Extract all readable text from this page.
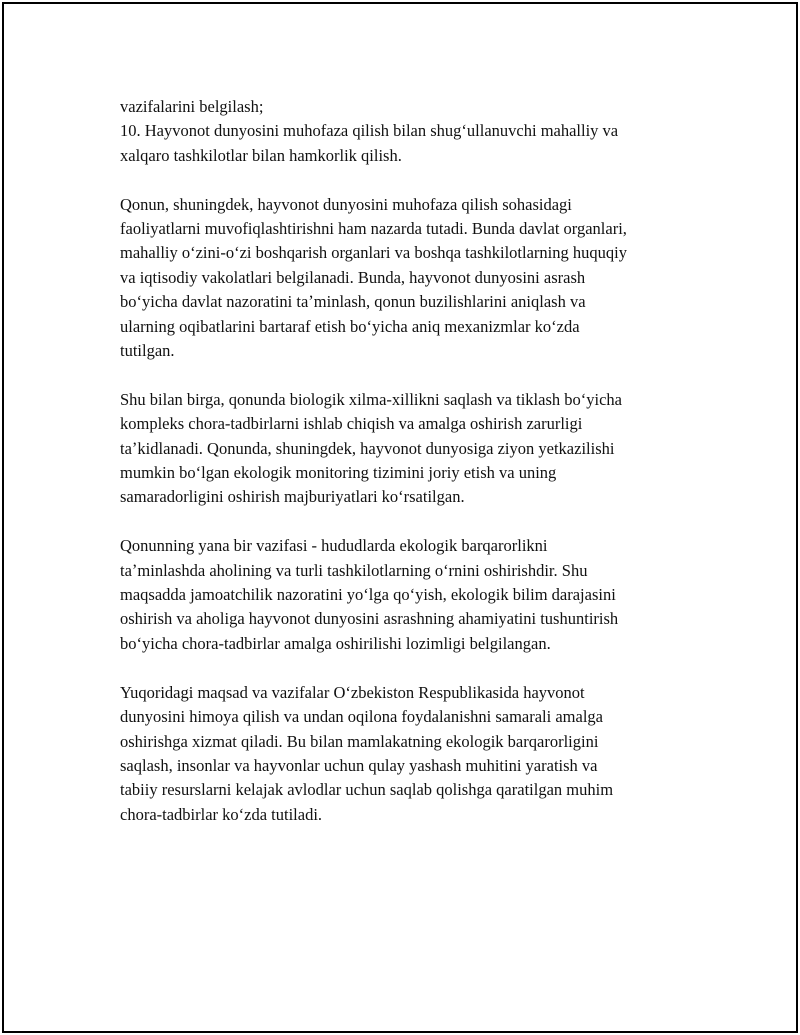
vazifalarini belgilash;
10. Hayvonot dunyosini muhofaza qilish bilan shugʻullanuvchi mahalliy va
xalqaro tashkilotlar bilan hamkorlik qilish.

Qonun, shuningdek, hayvonot dunyosini muhofaza qilish sohasidagi
faoliyatlarni muvofiqlashtirishni ham nazarda tutadi. Bunda davlat organlari,
mahalliy oʻzini-oʻzi boshqarish organlari va boshqa tashkilotlarning huquqiy
va iqtisodiy vakolatlari belgilanadi. Bunda, hayvonot dunyosini asrash
boʻyicha davlat nazoratini taʼminlash, qonun buzilishlarini aniqlash va
ularning oqibatlarini bartaraf etish boʻyicha aniq mexanizmlar koʻzda
tutilgan.

Shu bilan birga, qonunda biologik xilma-xillikni saqlash va tiklash boʻyicha
kompleks chora-tadbirlarni ishlab chiqish va amalga oshirish zarurligi
taʼkidlanadi. Qonunda, shuningdek, hayvonot dunyosiga ziyon yetkazilishi
mumkin boʻlgan ekologik monitoring tizimini joriy etish va uning
samaradorligini oshirish majburiyatlari koʻrsatilgan.

Qonunning yana bir vazifasi - hududlarda ekologik barqarorlikni
taʼminlashda aholining va turli tashkilotlarning oʻrnini oshirishdir. Shu
maqsadda jamoatchilik nazoratini yoʻlga qoʻyish, ekologik bilim darajasini
oshirish va aholiga hayvonot dunyosini asrashning ahamiyatini tushuntirish
boʻyicha chora-tadbirlar amalga oshirilishi lozimligi belgilangan.

Yuqoridagi maqsad va vazifalar Oʻzbekiston Respublikasida hayvonot
dunyosini himoya qilish va undan oqilona foydalanishni samarali amalga
oshirishga xizmat qiladi. Bu bilan mamlakatning ekologik barqarorligini
saqlash, insonlar va hayvonlar uchun qulay yashash muhitini yaratish va
tabiiy resurslarni kelajak avlodlar uchun saqlab qolishga qaratilgan muhim
chora-tadbirlar koʻzda tutiladi.
